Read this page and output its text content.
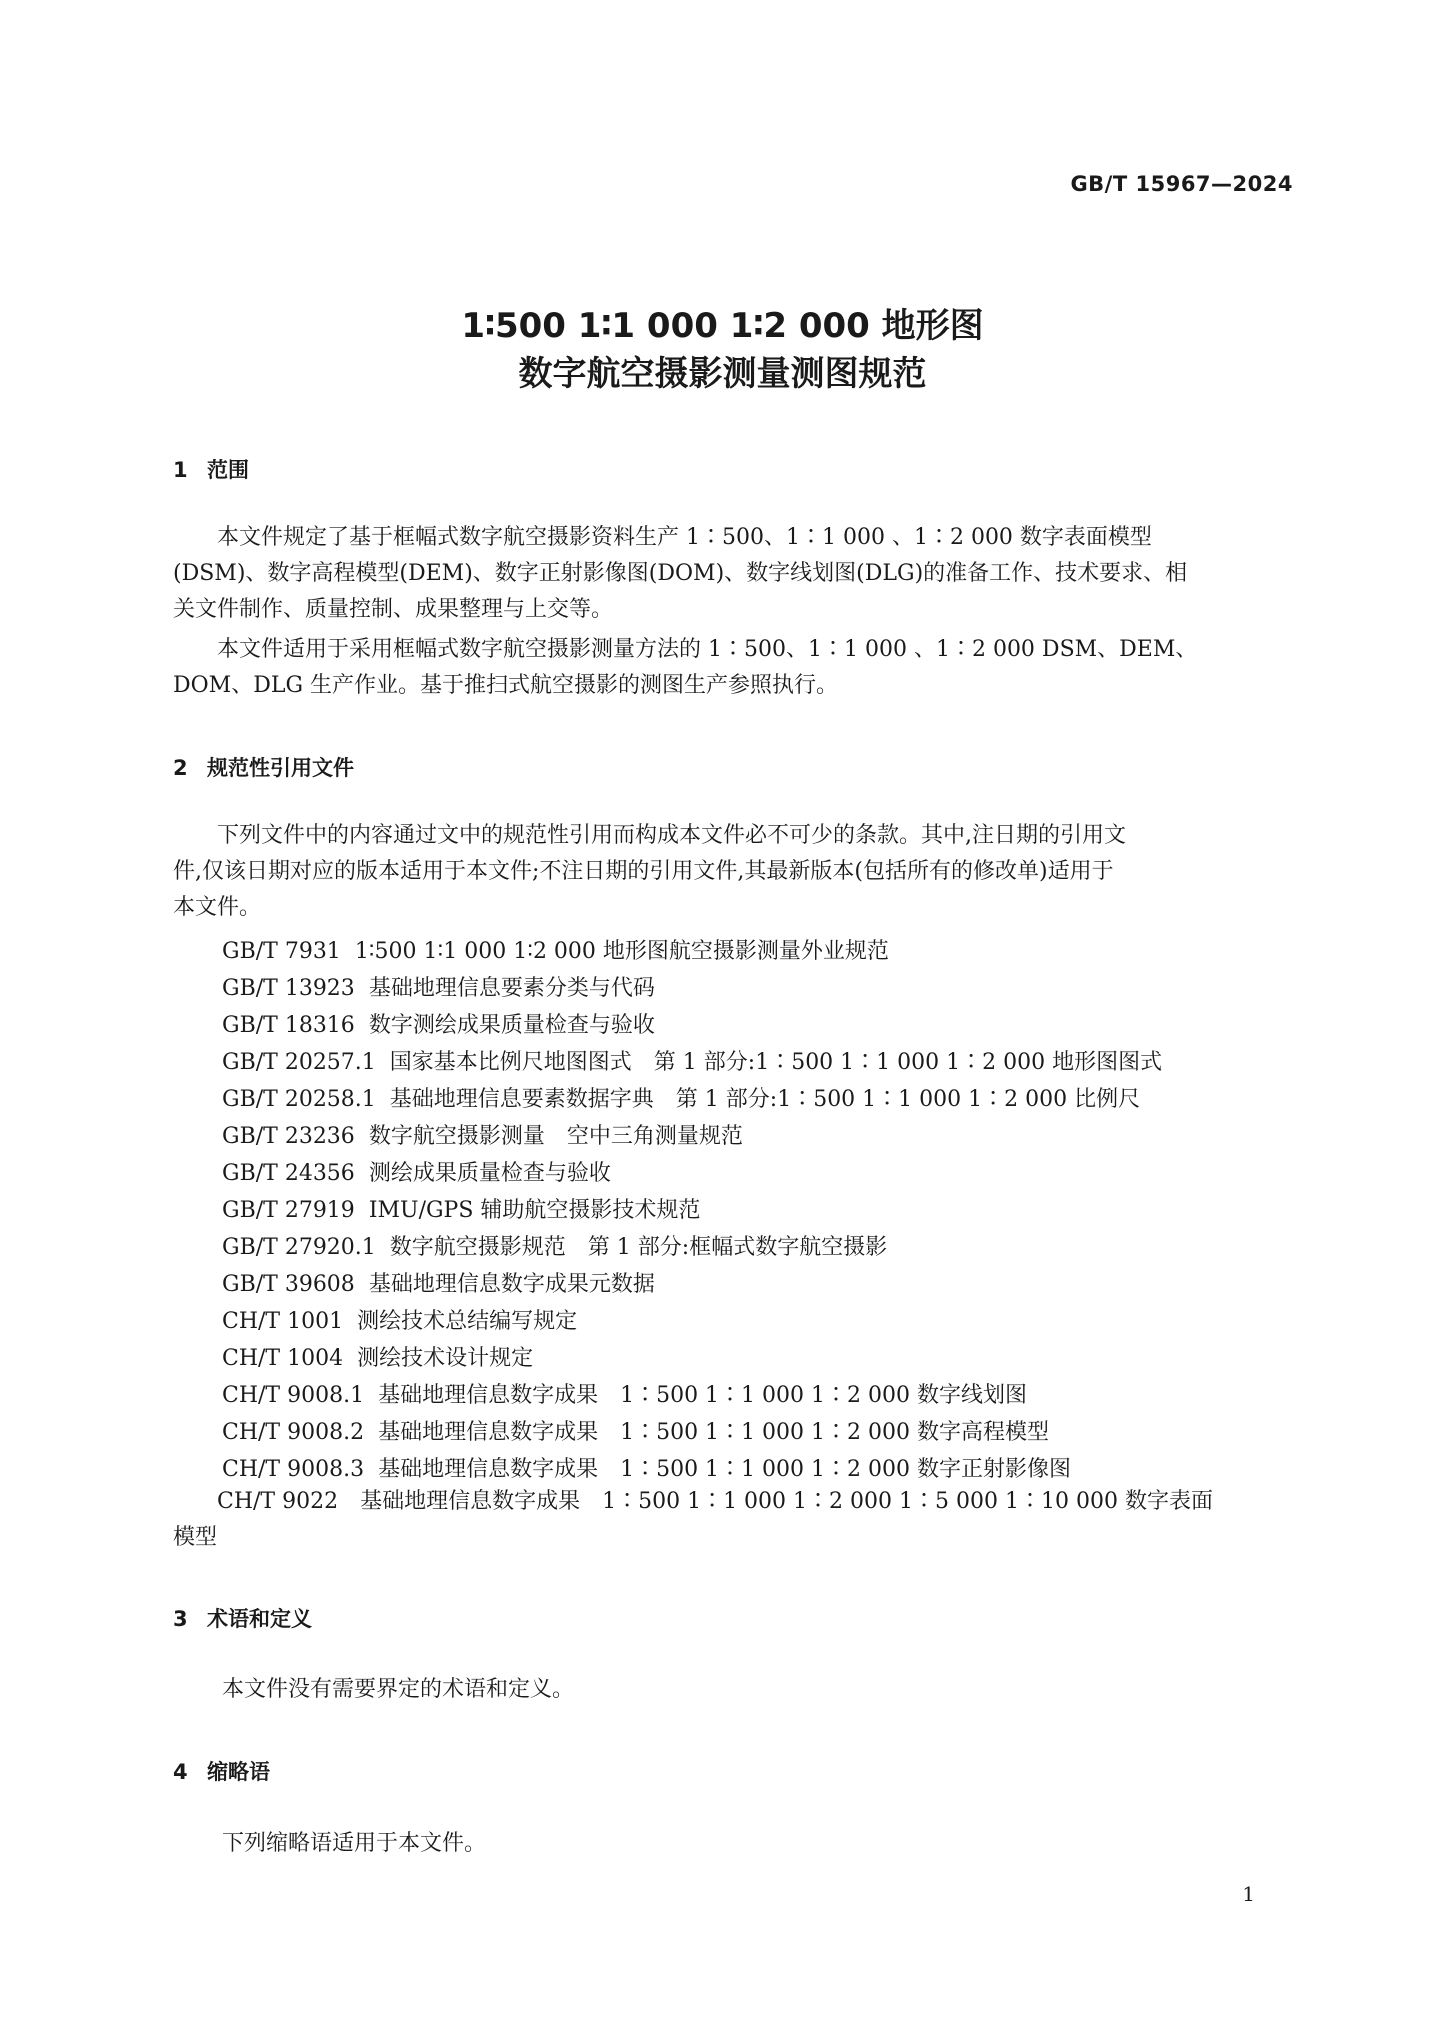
GB/T 15967—2024
1∶500 1∶1 000 1∶2 000 地形图
数字航空摄影测量测图规范
1 范围
　　本文件规定了基于框幅式数字航空摄影资料生产 1∶500、1∶1 000 、1∶2 000 数字表面模型
(DSM)、数字高程模型(DEM)、数字正射影像图(DOM)、数字线划图(DLG)的准备工作、技术要求、相
关文件制作、质量控制、成果整理与上交等。
　　本文件适用于采用框幅式数字航空摄影测量方法的 1∶500、1∶1 000 、1∶2 000 DSM、DEM、
DOM、DLG 生产作业。基于推扫式航空摄影的测图生产参照执行。
2 规范性引用文件
　　下列文件中的内容通过文中的规范性引用而构成本文件必不可少的条款。其中,注日期的引用文
件,仅该日期对应的版本适用于本文件;不注日期的引用文件,其最新版本(包括所有的修改单)适用于
本文件。
GB/T 7931 1∶500 1∶1 000 1∶2 000 地形图航空摄影测量外业规范
GB/T 13923 基础地理信息要素分类与代码
GB/T 18316 数字测绘成果质量检查与验收
GB/T 20257.1 国家基本比例尺地图图式　第 1 部分:1∶500 1∶1 000 1∶2 000 地形图图式
GB/T 20258.1 基础地理信息要素数据字典　第 1 部分:1∶500 1∶1 000 1∶2 000 比例尺
GB/T 23236 数字航空摄影测量　空中三角测量规范
GB/T 24356 测绘成果质量检查与验收
GB/T 27919 IMU/GPS 辅助航空摄影技术规范
GB/T 27920.1 数字航空摄影规范　第 1 部分:框幅式数字航空摄影
GB/T 39608 基础地理信息数字成果元数据
CH/T 1001 测绘技术总结编写规定
CH/T 1004 测绘技术设计规定
CH/T 9008.1 基础地理信息数字成果　1∶500 1∶1 000 1∶2 000 数字线划图
CH/T 9008.2 基础地理信息数字成果　1∶500 1∶1 000 1∶2 000 数字高程模型
CH/T 9008.3 基础地理信息数字成果　1∶500 1∶1 000 1∶2 000 数字正射影像图
　　CH/T 9022　基础地理信息数字成果　1∶500 1∶1 000 1∶2 000 1∶5 000 1∶10 000 数字表面
模型
3 术语和定义
本文件没有需要界定的术语和定义。
4 缩略语
下列缩略语适用于本文件。
1
